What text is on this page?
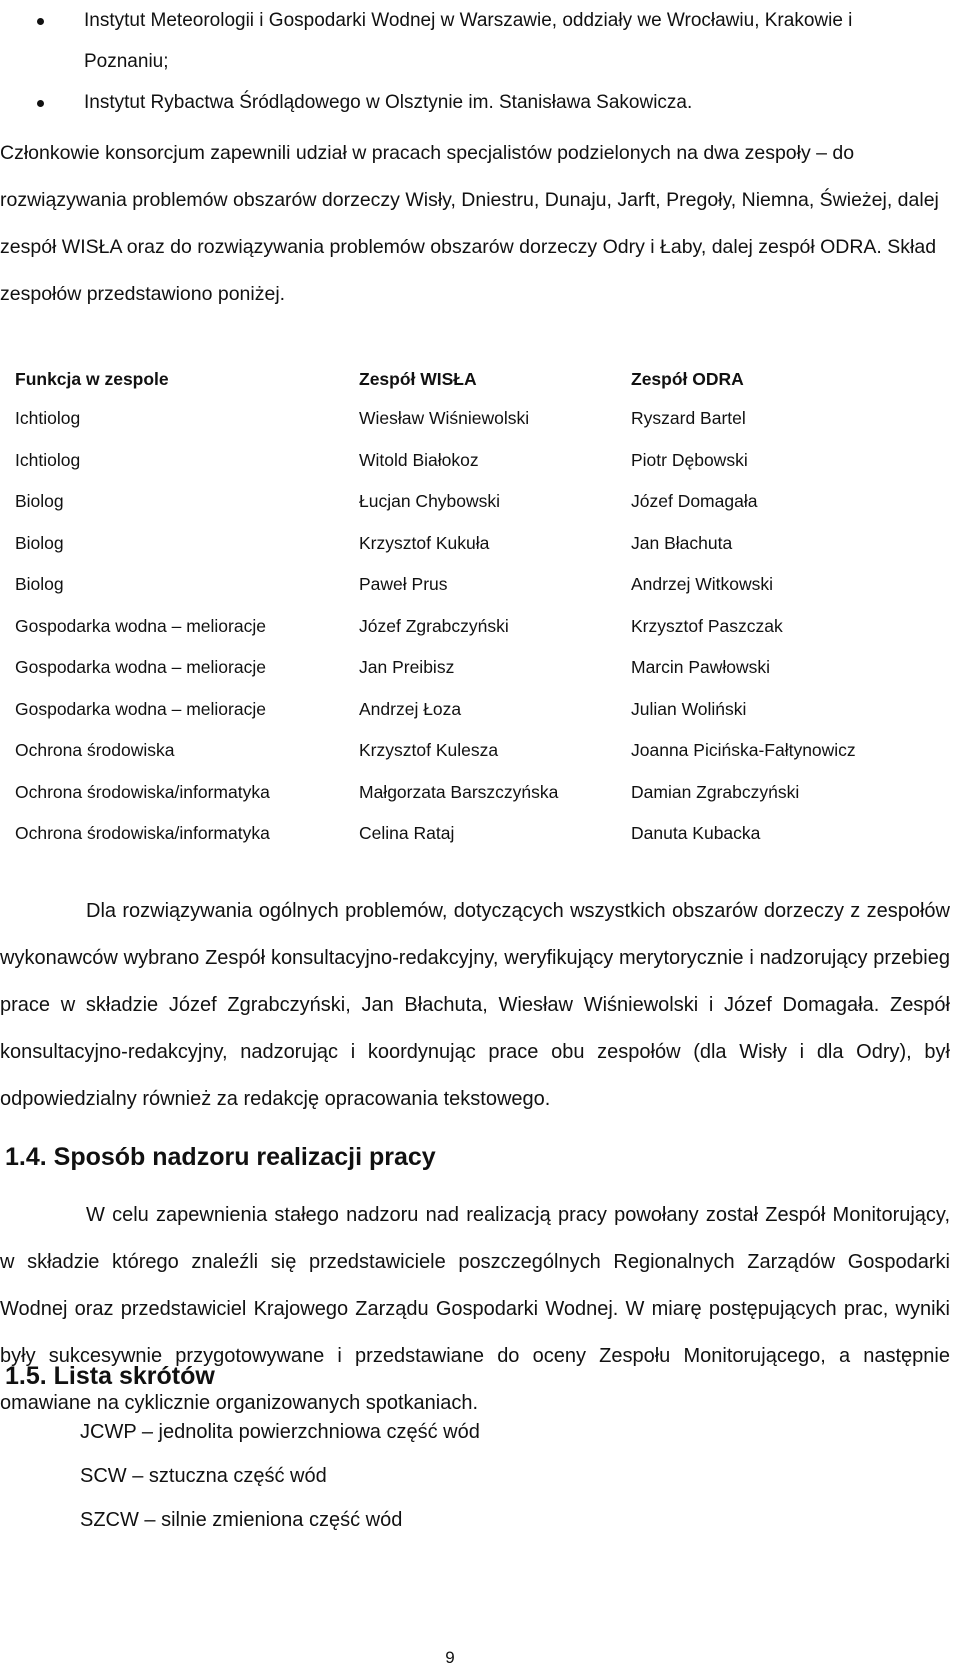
Instytut Meteorologii i Gospodarki Wodnej w Warszawie, oddziały we Wrocławiu, Krakowie i Poznaniu;
Instytut Rybactwa Śródlądowego w Olsztynie im. Stanisława Sakowicza.

Członkowie konsorcjum zapewnili udział w pracach specjalistów podzielonych na dwa zespoły – do rozwiązywania problemów obszarów dorzeczy Wisły, Dniestru, Dunaju, Jarft, Pregoły, Niemna, Świeżej, dalej zespół WISŁA oraz do rozwiązywania problemów obszarów dorzeczy Odry i Łaby, dalej zespół ODRA. Skład zespołów przedstawiono poniżej.

Funkcja w zespole	Zespół WISŁA	Zespół ODRA
Ichtiolog	Wiesław Wiśniewolski	Ryszard Bartel
Ichtiolog	Witold Białokoz	Piotr Dębowski
Biolog	Łucjan Chybowski	Józef Domagała
Biolog	Krzysztof Kukuła	Jan Błachuta
Biolog	Paweł Prus	Andrzej Witkowski
Gospodarka wodna – melioracje	Józef Zgrabczyński	Krzysztof Paszczak
Gospodarka wodna – melioracje	Jan Preibisz	Marcin Pawłowski
Gospodarka wodna – melioracje	Andrzej Łoza	Julian Woliński
Ochrona środowiska	Krzysztof Kulesza	Joanna Picińska-Fałtynowicz
Ochrona środowiska/informatyka	Małgorzata Barszczyńska	Damian Zgrabczyński
Ochrona środowiska/informatyka	Celina Rataj	Danuta Kubacka

Dla rozwiązywania ogólnych problemów, dotyczących wszystkich obszarów dorzeczy z zespołów wykonawców wybrano Zespół konsultacyjno-redakcyjny, weryfikujący merytorycznie i nadzorujący przebieg prace w składzie Józef Zgrabczyński, Jan Błachuta, Wiesław Wiśniewolski i Józef Domagała. Zespół konsultacyjno-redakcyjny, nadzorując i koordynując prace obu zespołów (dla Wisły i dla Odry), był odpowiedzialny również za redakcję opracowania tekstowego.

1.4. Sposób nadzoru realizacji pracy

W celu zapewnienia stałego nadzoru nad realizacją pracy powołany został Zespół Monitorujący, w składzie którego znaleźli się przedstawiciele poszczególnych Regionalnych Zarządów Gospodarki Wodnej oraz przedstawiciel Krajowego Zarządu Gospodarki Wodnej. W miarę postępujących prac, wyniki były sukcesywnie przygotowywane i przedstawiane do oceny Zespołu Monitorującego, a następnie omawiane na cyklicznie organizowanych spotkaniach.

1.5. Lista skrótów
JCWP – jednolita powierzchniowa część wód
SCW – sztuczna część wód
SZCW – silnie zmieniona część wód
9
